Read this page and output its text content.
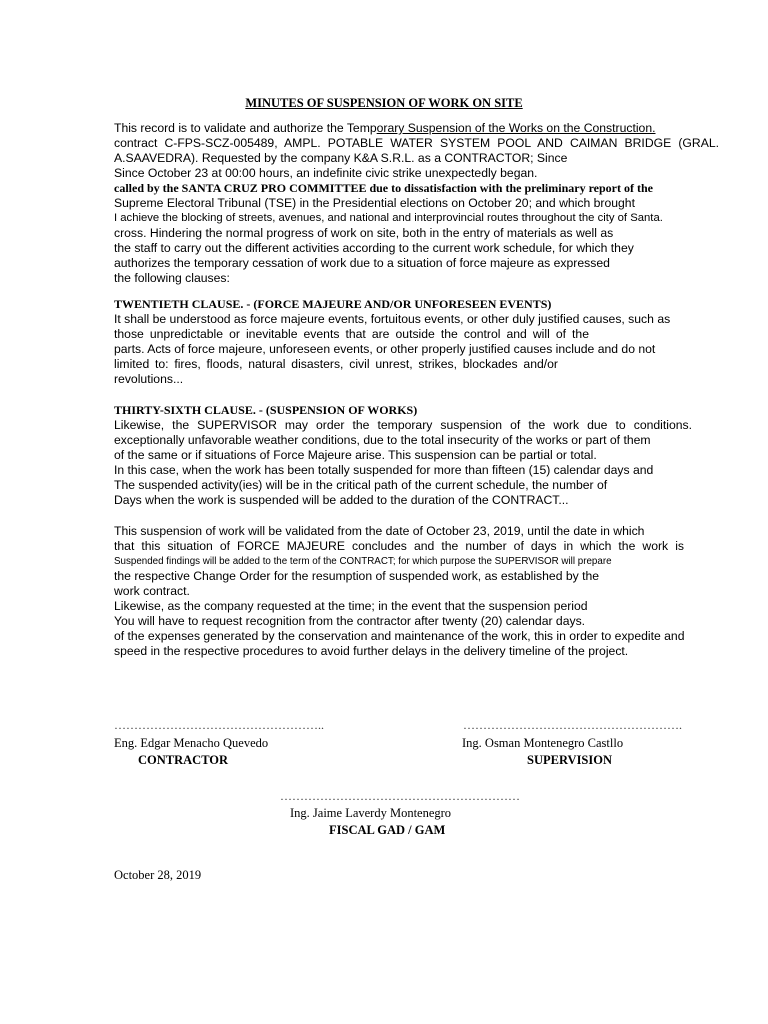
MINUTES OF SUSPENSION OF WORK ON SITE
This record is to validate and authorize the Temporary Suspension of the Works on the Construction.
contract C-FPS-SCZ-005489, AMPL. POTABLE WATER SYSTEM POOL AND CAIMAN BRIDGE (GRAL.
A.SAAVEDRA). Requested by the company K&A S.R.L. as a CONTRACTOR; Since
Since October 23 at 00:00 hours, an indefinite civic strike unexpectedly began.
called by the SANTA CRUZ PRO COMMITTEE due to dissatisfaction with the preliminary report of the
Supreme Electoral Tribunal (TSE) in the Presidential elections on October 20; and which brought
I achieve the blocking of streets, avenues, and national and interprovincial routes throughout the city of Santa.
cross. Hindering the normal progress of work on site, both in the entry of materials as well as
the staff to carry out the different activities according to the current work schedule, for which they
authorizes the temporary cessation of work due to a situation of force majeure as expressed
the following clauses:
TWENTIETH CLAUSE. - (FORCE MAJEURE AND/OR UNFORESEEN EVENTS)
It shall be understood as force majeure events, fortuitous events, or other duly justified causes, such as
those unpredictable or inevitable events that are outside the control and will of the
parts. Acts of force majeure, unforeseen events, or other properly justified causes include and do not
limited to: fires, floods, natural disasters, civil unrest, strikes, blockades and/or
revolutions...
THIRTY-SIXTH CLAUSE. - (SUSPENSION OF WORKS)
Likewise, the SUPERVISOR may order the temporary suspension of the work due to conditions.
exceptionally unfavorable weather conditions, due to the total insecurity of the works or part of them
of the same or if situations of Force Majeure arise. This suspension can be partial or total.
In this case, when the work has been totally suspended for more than fifteen (15) calendar days and
The suspended activity(ies) will be in the critical path of the current schedule, the number of
Days when the work is suspended will be added to the duration of the CONTRACT...
This suspension of work will be validated from the date of October 23, 2019, until the date in which
that this situation of FORCE MAJEURE concludes and the number of days in which the work is
Suspended findings will be added to the term of the CONTRACT; for which purpose the SUPERVISOR will prepare
the respective Change Order for the resumption of suspended work, as established by the
work contract.
Likewise, as the company requested at the time; in the event that the suspension period
You will have to request recognition from the contractor after twenty (20) calendar days.
of the expenses generated by the conservation and maintenance of the work, this in order to expedite and
speed in the respective procedures to avoid further delays in the delivery timeline of the project.
……………………………………………..
Eng. Edgar Menacho Quevedo
CONTRACTOR
……………………………………………….
Ing. Osman Montenegro Castllo
SUPERVISION
……………………………………………………
Ing. Jaime Laverdy Montenegro
FISCAL GAD / GAM
October 28, 2019
